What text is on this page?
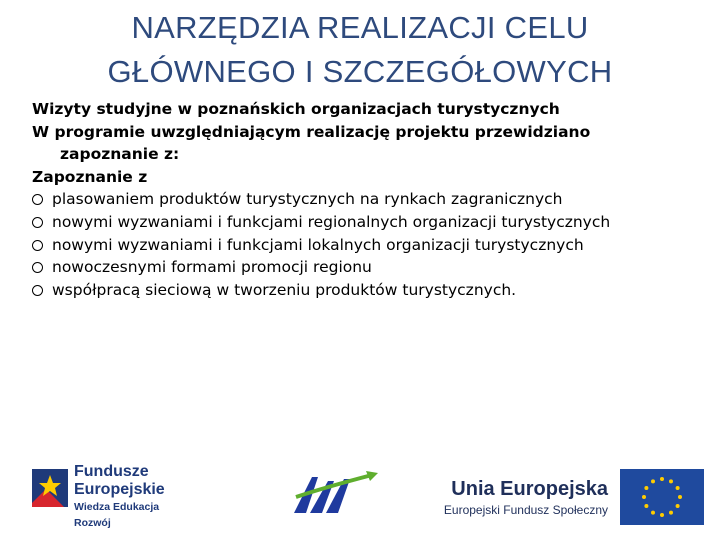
NARZĘDZIA REALIZACJI CELU
GŁÓWNEGO I SZCZEGÓŁOWYCH
Wizyty studyjne w poznańskich organizacjach turystycznych
W programie uwzględniającym realizację projektu przewidziano
zapoznanie z:
Zapoznanie z
plasowaniem produktów turystycznych na rynkach zagranicznych
nowymi wyzwaniami i funkcjami regionalnych organizacji turystycznych
nowymi wyzwaniami i funkcjami lokalnych organizacji turystycznych
nowoczesnymi formami promocji regionu
współpracą sieciową w tworzeniu produktów turystycznych.
Fundusze
Europejskie
Wiedza Edukacja Rozwój
Unia Europejska
Europejski Fundusz Społeczny
